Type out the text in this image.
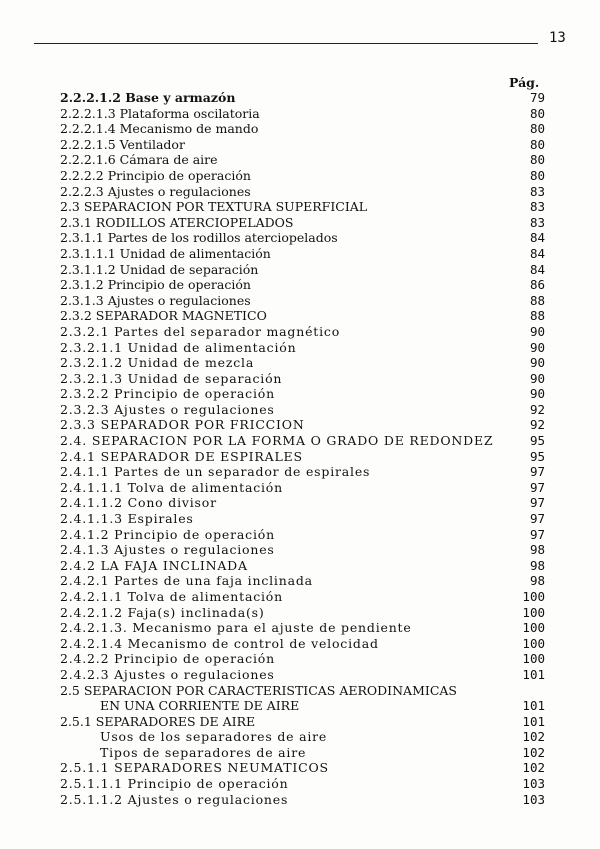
13
Pág.
2.2.2.1.2 Base y armazón	79
2.2.2.1.3 Plataforma oscilatoria	80
2.2.2.1.4 Mecanismo de mando	80
2.2.2.1.5 Ventilador	80
2.2.2.1.6 Cámara de aire	80
2.2.2.2 Principio de operación	80
2.2.2.3 Ajustes o regulaciones	83
2.3 SEPARACION POR TEXTURA SUPERFICIAL	83
2.3.1 RODILLOS ATERCIOPELADOS	83
2.3.1.1 Partes de los rodillos aterciopelados	84
2.3.1.1.1 Unidad de alimentación	84
2.3.1.1.2 Unidad de separación	84
2.3.1.2 Principio de operación	86
2.3.1.3 Ajustes o regulaciones	88
2.3.2 SEPARADOR MAGNETICO	88
2.3.2.1 Partes del separador magnético	90
2.3.2.1.1 Unidad de alimentación	90
2.3.2.1.2 Unidad de mezcla	90
2.3.2.1.3 Unidad de separación	90
2.3.2.2 Principio de operación	90
2.3.2.3 Ajustes o regulaciones	92
2.3.3 SEPARADOR POR FRICCION	92
2.4. SEPARACION POR LA FORMA O GRADO DE REDONDEZ	95
2.4.1 SEPARADOR DE ESPIRALES	95
2.4.1.1 Partes de un separador de espirales	97
2.4.1.1.1 Tolva de alimentación	97
2.4.1.1.2 Cono divisor	97
2.4.1.1.3 Espirales	97
2.4.1.2 Principio de operación	97
2.4.1.3 Ajustes o regulaciones	98
2.4.2 LA FAJA INCLINADA	98
2.4.2.1 Partes de una faja inclinada	98
2.4.2.1.1 Tolva de alimentación	100
2.4.2.1.2 Faja(s) inclinada(s)	100
2.4.2.1.3. Mecanismo para el ajuste de pendiente	100
2.4.2.1.4 Mecanismo de control de velocidad	100
2.4.2.2 Principio de operación	100
2.4.2.3 Ajustes o regulaciones	101
2.5 SEPARACION POR CARACTERISTICAS AERODINAMICAS
EN UNA CORRIENTE DE AIRE	101
2.5.1 SEPARADORES DE AIRE	101
Usos de los separadores de aire	102
Tipos de separadores de aire	102
2.5.1.1 SEPARADORES NEUMATICOS	102
2.5.1.1.1 Principio de operación	103
2.5.1.1.2 Ajustes o regulaciones	103
